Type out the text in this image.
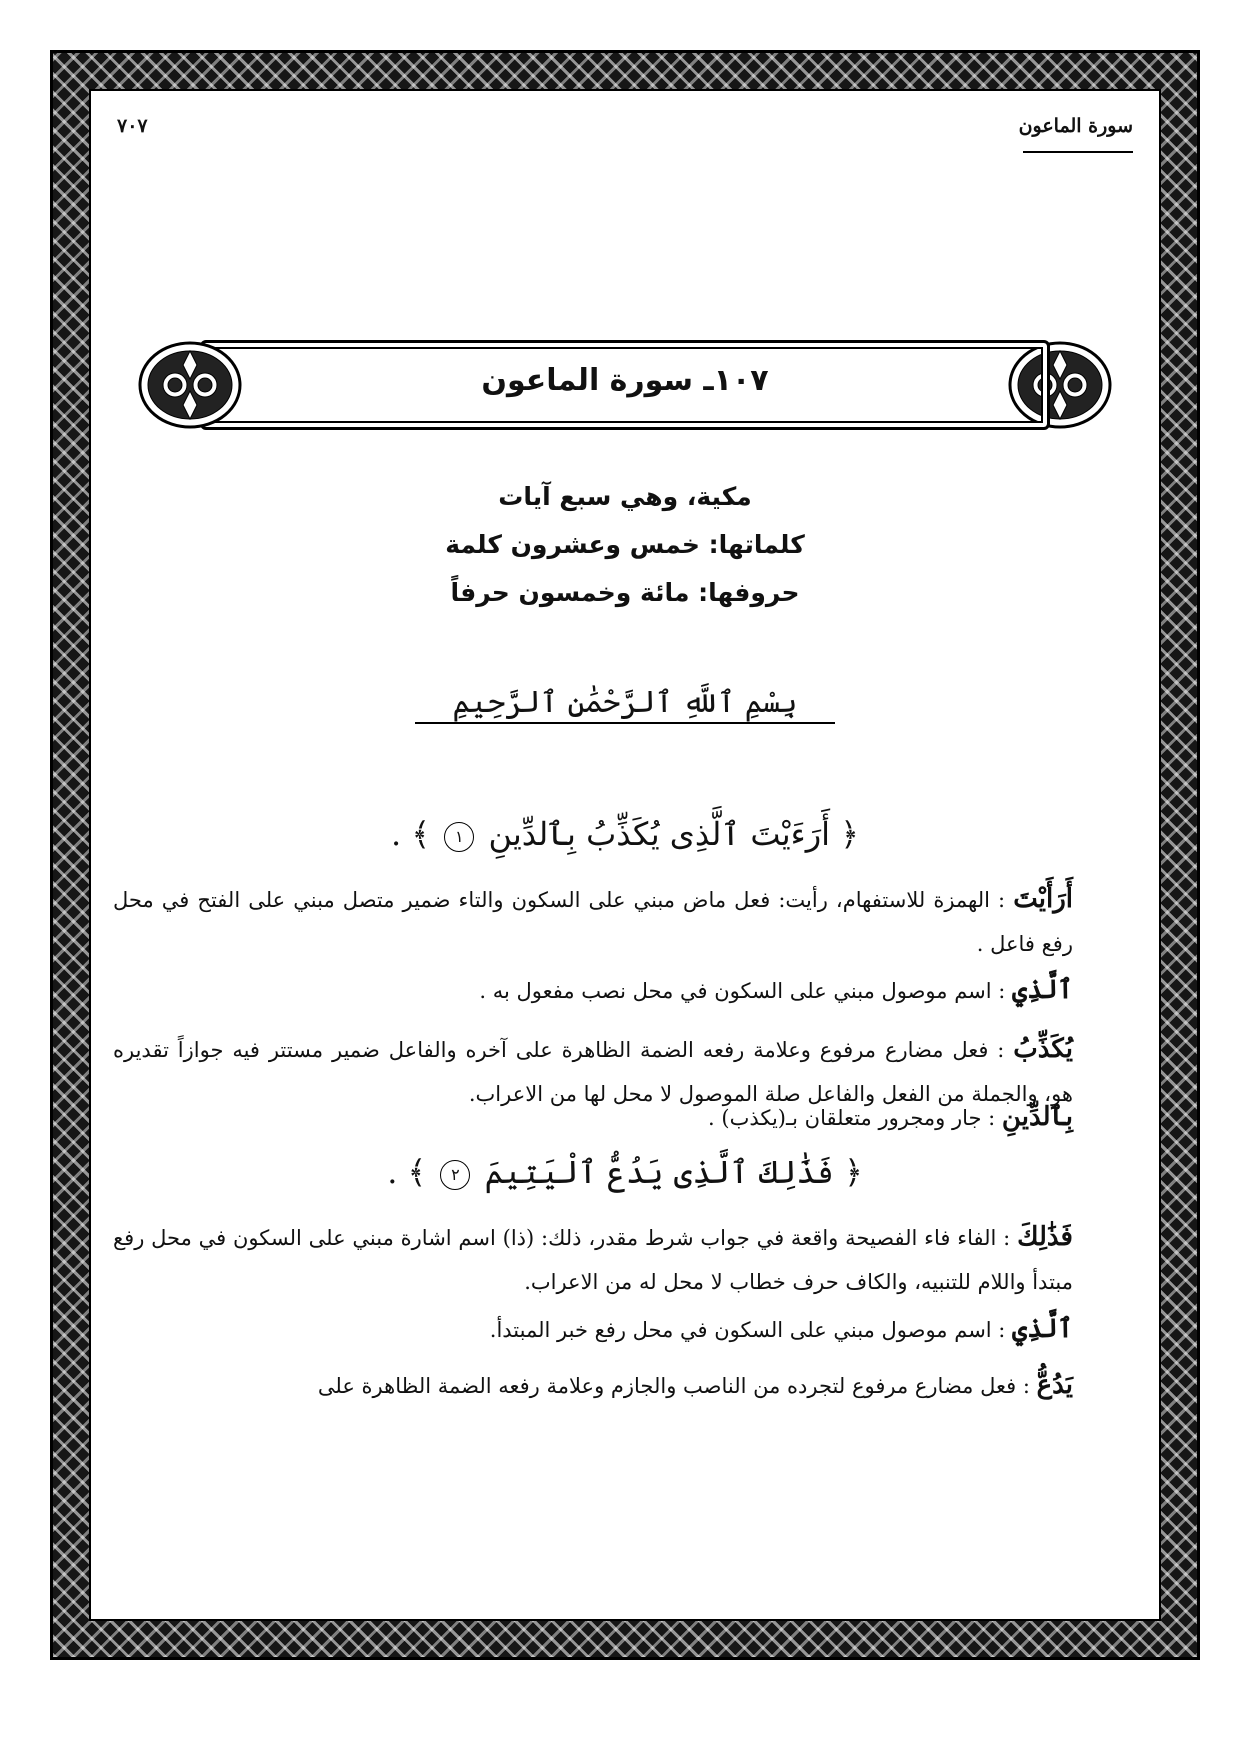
سورة الماعون
٧٠٧
١٠٧ـ سورة الماعون
مكية، وهي سبع آيات
كلماتها: خمس وعشرون كلمة
حروفها: مائة وخمسون حرفاً
بِسْمِ ٱللَّهِ ٱلرَّحْمَٰنِ ٱلرَّحِيمِ
﴿ أَرَءَيْتَ ٱلَّذِى يُكَذِّبُ بِٱلدِّينِ ١ ﴾ .
أَرَأَيْتَ : الهمزة للاستفهام، رأيت: فعل ماض مبني على السكون والتاء ضمير متصل مبني على الفتح في محل رفع فاعل .
ٱلَّذِي : اسم موصول مبني على السكون في محل نصب مفعول به .
يُكَذِّبُ : فعل مضارع مرفوع وعلامة رفعه الضمة الظاهرة على آخره والفاعل ضمير مستتر فيه جوازاً تقديره هو، والجملة من الفعل والفاعل صلة الموصول لا محل لها من الاعراب.
بِٱلدِّينِ : جار ومجرور متعلقان بـ(يكذب) .
﴿ فَذَٰلِكَ ٱلَّذِى يَدُعُّ ٱلْيَتِيمَ ٢ ﴾ .
فَذَٰلِكَ : الفاء فاء الفصيحة واقعة في جواب شرط مقدر، ذلك: (ذا) اسم اشارة مبني على السكون في محل رفع مبتدأ واللام للتنبيه، والكاف حرف خطاب لا محل له من الاعراب.
ٱلَّذِي : اسم موصول مبني على السكون في محل رفع خبر المبتدأ.
يَدُعُّ : فعل مضارع مرفوع لتجرده من الناصب والجازم وعلامة رفعه الضمة الظاهرة على
